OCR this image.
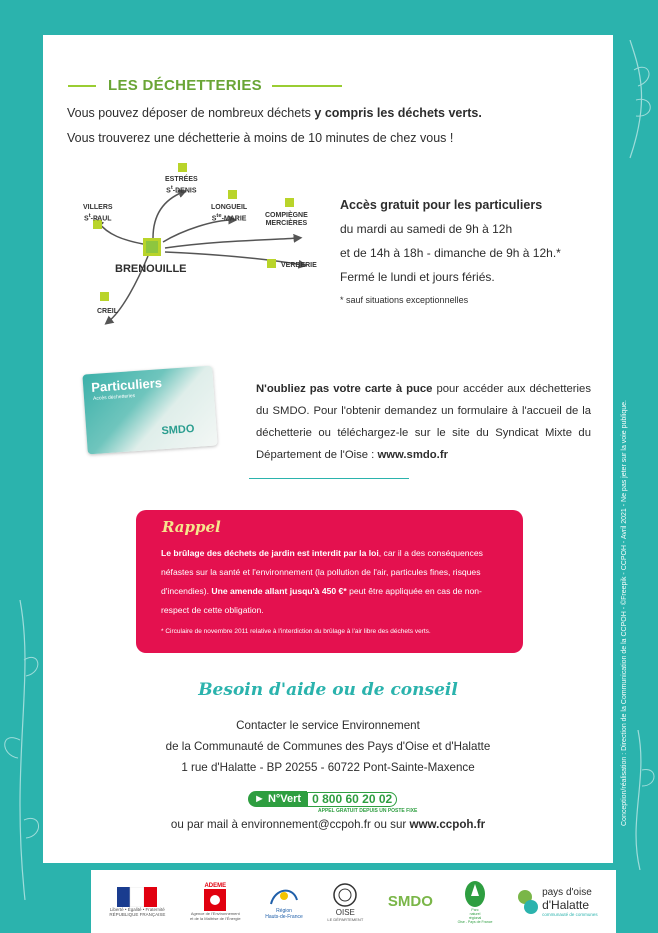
Conception/réalisation : Direction de la Communication de la CCPOH - ©Freepik - CCPOH - Avril 2021 - Ne pas jeter sur la voie publique.
LES DÉCHETTERIES
Vous pouvez déposer de nombreux déchets y compris les déchets verts.
Vous trouverez une déchetterie à moins de 10 minutes de chez vous !
ESTRÉES
$S^t$-DENIS
VILLERS
$S^t$-PAUL
LONGUEIL
$S^{te}$-MARIE	COMPIÈGNE
MERCIÈRES
VERBERIE
CREIL
BRENOUILLE
Accès gratuit pour les particuliers
du mardi au samedi de 9h à 12h
et de 14h à 18h - dimanche de 9h à 12h.*
Fermé le lundi et jours fériés.
* sauf situations exceptionnelles
Particuliers
Accès déchetteries
SMDO
N'oubliez pas votre carte à puce pour accéder aux déchetteries du SMDO. Pour l'obtenir demandez un formulaire à l'accueil de la déchetterie ou téléchargez-le sur le site du Syndicat Mixte du Département de l'Oise : www.smdo.fr
Rappel
Le brûlage des déchets de jardin est interdit par la loi, car il a des conséquences néfastes sur la santé et l'environnement (la pollution de l'air, particules fines, risques d'incendies). Une amende allant jusqu'à 450 €* peut être appliquée en cas de non-respect de cette obligation.
* Circulaire de novembre 2011 relative à l'interdiction du brûlage à l'air libre des déchets verts.
Besoin d'aide ou de conseil
Contacter le service Environnement
de la Communauté de Communes des Pays d'Oise et d'Halatte
1 rue d'Halatte - BP 20255 - 60722 Pont-Sainte-Maxence
► N°Vert 0 800 60 20 02
APPEL GRATUIT DEPUIS UN POSTE FIXE
ou par mail à environnement@ccpoh.fr ou sur www.ccpoh.fr
Liberté • Égalité • Fraternité
RÉPUBLIQUE FRANÇAISE
ADEME
Agence de l'Environnement
et de la Maîtrise de l'Énergie
Région
Hauts-de-France	OISE
LE DÉPARTEMENT
SMDO	Parc
naturel
régional
Oise - Pays de France
pays d'oise
d'Halatte
communauté de communes
